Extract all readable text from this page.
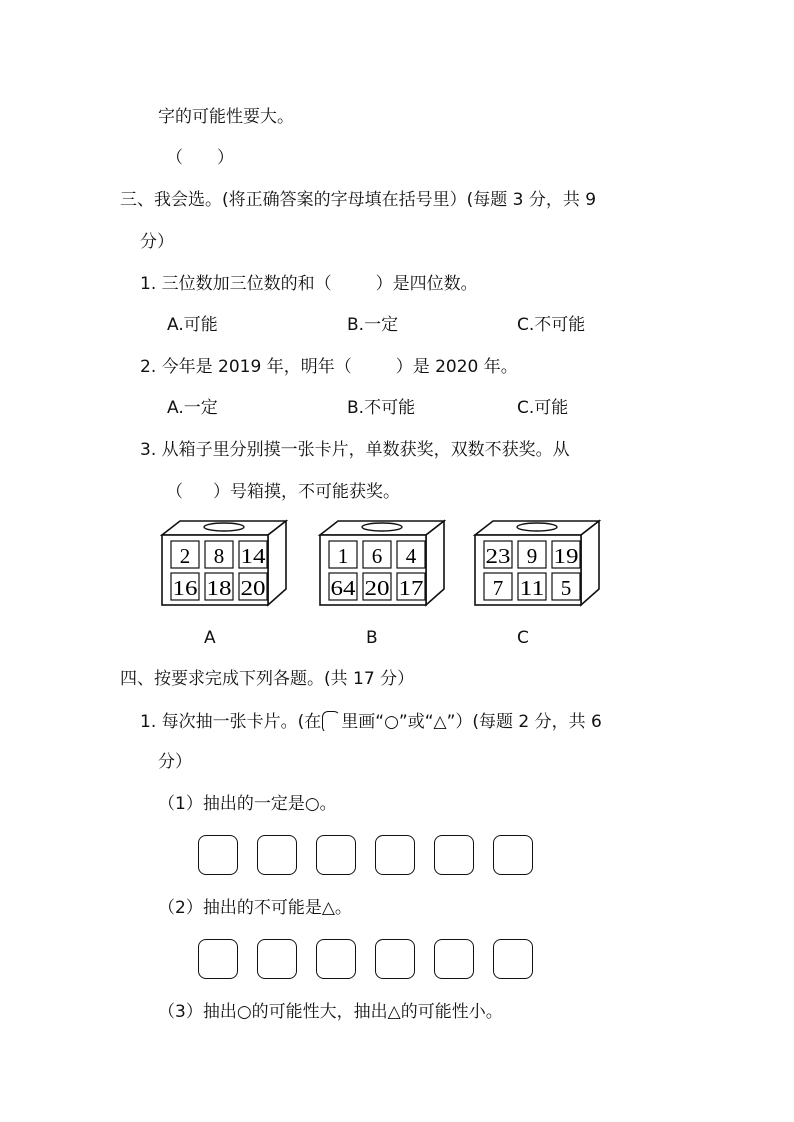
字的可能性要大。
（　　）
三、我会选。(将正确答案的字母填在括号里）(每题 3 分，共 9
分）
1. 三位数加三位数的和（	）是四位数。
A.可能	B.一定	C.不可能
2. 今年是 2019 年，明年（	）是 2020 年。
A.一定	B.不可能	C.可能
3. 从箱子里分别摸一张卡片，单数获奖，双数不获奖。从
（ ）号箱摸，不可能获奖。
2 8 14
16 18 20
1 6 4
64 20 17
23 9 19
7 11 5
A	B	C
四、按要求完成下列各题。(共 17 分）
1. 每次抽一张卡片。(在 里画“○”或“△”）(每题 2 分，共 6
分）
（1）抽出的一定是○。
（2）抽出的不可能是△。
（3）抽出○的可能性大，抽出△的可能性小。
